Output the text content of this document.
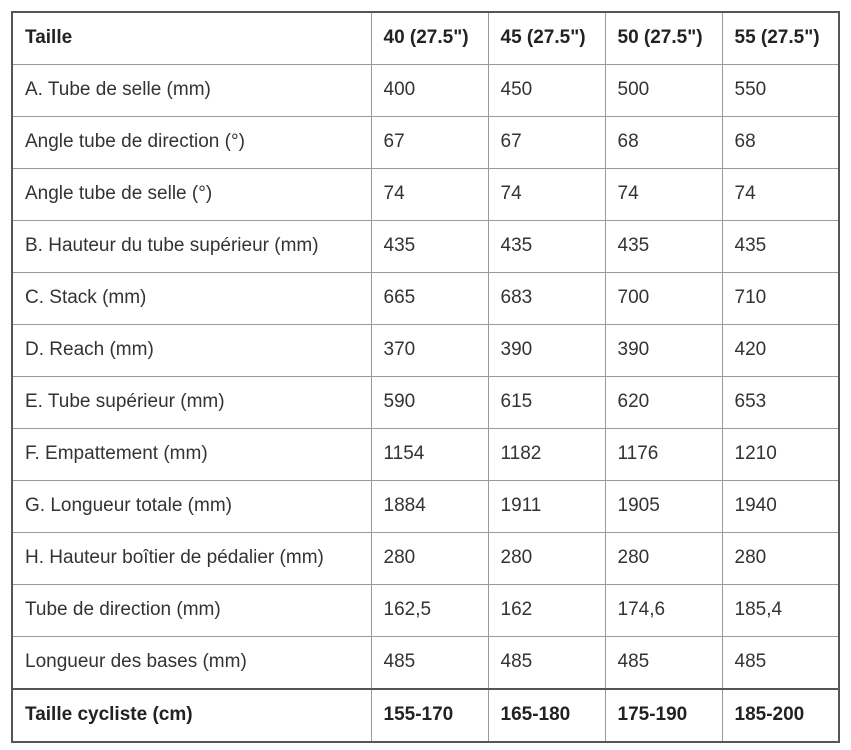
Taille	40 (27.5")	45 (27.5")	50 (27.5")	55 (27.5")
A. Tube de selle (mm)	400	450	500	550
Angle tube de direction (°)	67	67	68	68
Angle tube de selle (°)	74	74	74	74
B. Hauteur du tube supérieur (mm)	435	435	435	435
C. Stack (mm)	665	683	700	710
D. Reach (mm)	370	390	390	420
E. Tube supérieur (mm)	590	615	620	653
F. Empattement (mm)	1154	1182	1176	1210
G. Longueur totale (mm)	1884	1911	1905	1940
H. Hauteur boîtier de pédalier (mm)	280	280	280	280
Tube de direction (mm)	162,5	162	174,6	185,4
Longueur des bases (mm)	485	485	485	485
Taille cycliste (cm)	155-170	165-180	175-190	185-200
